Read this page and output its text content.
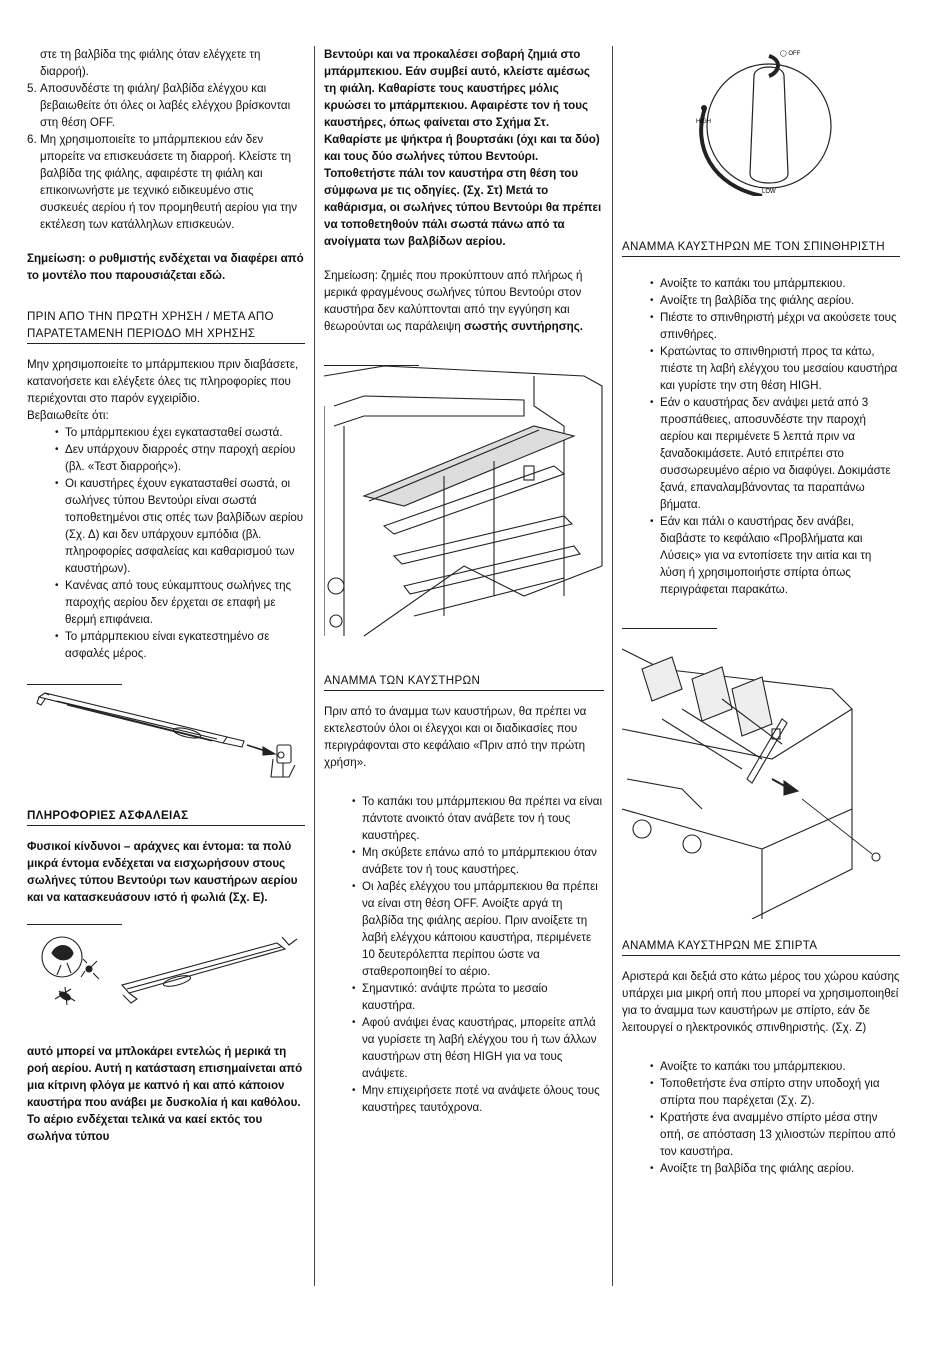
στε τη βαλβίδα της φιάλης όταν ελέγχετε τη διαρροή).
5. Αποσυνδέστε τη φιάλη/ βαλβίδα ελέγχου και βεβαιωθείτε ότι όλες οι λαβές ελέγχου βρίσκονται στη θέση OFF.
6. Μη χρησιμοποιείτε το μπάρμπεκιου εάν δεν μπορείτε να επισκευάσετε τη διαρροή. Κλείστε τη βαλβίδα της φιάλης, αφαιρέστε τη φιάλη και επικοινωνήστε με τεχνικό ειδικευμένο στις συσκευές αερίου ή τον προμηθευτή αερίου για την εκτέλεση των κατάλληλων επισκευών.

Σημείωση: ο ρυθμιστής ενδέχεται να διαφέρει από το μοντέλο που παρουσιάζεται εδώ.

ΠΡΙΝ ΑΠΟ ΤΗΝ ΠΡΩΤΗ ΧΡΗΣΗ / ΜΕΤΑ ΑΠΟ ΠΑΡΑΤΕΤΑΜΕΝΗ ΠΕΡΙΟΔΟ ΜΗ ΧΡΗΣΗΣ

Μην χρησιμοποιείτε το μπάρμπεκιου πριν διαβάσετε, κατανοήσετε και ελέγξετε όλες τις πληροφορίες που περιέχονται στο παρόν εγχειρίδιο.

Βεβαιωθείτε ότι:

• Το μπάρμπεκιου έχει εγκατασταθεί σωστά.
• Δεν υπάρχουν διαρροές στην παροχή αερίου (βλ. «Τεστ διαρροής»).
• Οι καυστήρες έχουν εγκατασταθεί σωστά, οι σωλήνες τύπου Βεντούρι είναι σωστά τοποθετημένοι στις οπές των βαλβίδων αερίου (Σχ. Δ) και δεν υπάρχουν εμπόδια (βλ. πληροφορίες ασφαλείας και καθαρισμού των καυστήρων).
• Κανένας από τους εύκαμπτους σωλήνες της παροχής αερίου δεν έρχεται σε επαφή με θερμή επιφάνεια.
• Το μπάρμπεκιου είναι εγκατεστημένο σε ασφαλές μέρος.

ΠΛΗΡΟΦΟΡΙΕΣ ΑΣΦΑΛΕΙΑΣ

Φυσικοί κίνδυνοι – αράχνες και έντομα: τα πολύ μικρά έντομα ενδέχεται να εισχωρήσουν στους σωλήνες τύπου Βεντούρι των καυστήρων αερίου και να κατασκευάσουν ιστό ή φωλιά (Σχ. Ε).

αυτό μπορεί να μπλοκάρει εντελώς ή μερικά τη ροή αερίου. Αυτή η κατάσταση επισημαίνεται από μια κίτρινη φλόγα με καπνό ή και από κάποιον καυστήρα που ανάβει με δυσκολία ή και καθόλου. Το αέριο ενδέχεται τελικά να καεί εκτός του σωλήνα τύπου

Βεντούρι και να προκαλέσει σοβαρή ζημιά στο μπάρμπεκιου. Εάν συμβεί αυτό, κλείστε αμέσως τη φιάλη. Καθαρίστε τους καυστήρες μόλις κρυώσει το μπάρμπεκιου. Αφαιρέστε τον ή τους καυστήρες, όπως φαίνεται στο Σχήμα Στ. Καθαρίστε με ψήκτρα ή βουρτσάκι (όχι και τα δύο) και τους δύο σωλήνες τύπου Βεντούρι. Τοποθετήστε πάλι τον καυστήρα στη θέση του σύμφωνα με τις οδηγίες. (Σχ. Στ) Μετά το καθάρισμα, οι σωλήνες τύπου Βεντούρι θα πρέπει να τοποθετηθούν πάλι σωστά πάνω από τα ανοίγματα των βαλβίδων αερίου.

Σημείωση: ζημιές που προκύπτουν από πλήρως ή μερικά φραγμένους σωλήνες τύπου Βεντούρι στον καυστήρα δεν καλύπτονται από την εγγύηση και θεωρούνται ως παράλειψη σωστής συντήρησης.

ΑΝΑΜΜΑ ΤΩΝ ΚΑΥΣΤΗΡΩΝ

Πριν από το άναμμα των καυστήρων, θα πρέπει να εκτελεστούν όλοι οι έλεγχοι και οι διαδικασίες που περιγράφονται στο κεφάλαιο «Πριν από την πρώτη χρήση».

• Το καπάκι του μπάρμπεκιου θα πρέπει να είναι πάντοτε ανοικτό όταν ανάβετε τον ή τους καυστήρες.
• Μη σκύβετε επάνω από το μπάρμπεκιου όταν ανάβετε τον ή τους καυστήρες.
• Οι λαβές ελέγχου του μπάρμπεκιου θα πρέπει να είναι στη θέση OFF. Ανοίξτε αργά τη βαλβίδα της φιάλης αερίου. Πριν ανοίξετε τη λαβή ελέγχου κάποιου καυστήρα, περιμένετε 10 δευτερόλεπτα περίπου ώστε να σταθεροποιηθεί το αέριο.
• Σημαντικό: ανάψτε πρώτα το μεσαίο καυστήρα.
• Αφού ανάψει ένας καυστήρας, μπορείτε απλά να γυρίσετε τη λαβή ελέγχου του ή των άλλων καυστήρων στη θέση HIGH για να τους ανάψετε.
• Μην επιχειρήσετε ποτέ να ανάψετε όλους τους καυστήρες ταυτόχρονα.
◯ OFF
HIGH
LOW

ΑΝΑΜΜΑ ΚΑΥΣΤΗΡΩΝ ΜΕ ΤΟΝ ΣΠΙΝΘΗΡΙΣΤΗ

• Ανοίξτε το καπάκι του μπάρμπεκιου.
• Ανοίξτε τη βαλβίδα της φιάλης αερίου.
• Πιέστε το σπινθηριστή μέχρι να ακούσετε τους σπινθήρες.
• Κρατώντας το σπινθηριστή προς τα κάτω, πιέστε τη λαβή ελέγχου του μεσαίου καυστήρα και γυρίστε την στη θέση HIGH.
• Εάν ο καυστήρας δεν ανάψει μετά από 3 προσπάθειες, αποσυνδέστε την παροχή αερίου και περιμένετε 5 λεπτά πριν να ξαναδοκιμάσετε. Αυτό επιτρέπει στο συσσωρευμένο αέριο να διαφύγει. Δοκιμάστε ξανά, επαναλαμβάνοντας τα παραπάνω βήματα.
• Εάν και πάλι ο καυστήρας δεν ανάβει, διαβάστε το κεφάλαιο «Προβλήματα και Λύσεις» για να εντοπίσετε την αιτία και τη λύση ή χρησιμοποιήστε σπίρτα όπως περιγράφεται παρακάτω.

ΑΝΑΜΜΑ ΚΑΥΣΤΗΡΩΝ ΜΕ ΣΠΙΡΤΑ

Αριστερά και δεξιά στο κάτω μέρος του χώρου καύσης υπάρχει μια μικρή οπή που μπορεί να χρησιμοποιηθεί για το άναμμα των καυστήρων με σπίρτο, εάν δε λειτουργεί ο ηλεκτρονικός σπινθηριστής. (Σχ. Ζ)

• Ανοίξτε το καπάκι του μπάρμπεκιου.
• Τοποθετήστε ένα σπίρτο στην υποδοχή για σπίρτα που παρέχεται (Σχ. Ζ).
• Κρατήστε ένα αναμμένο σπίρτο μέσα στην οπή, σε απόσταση 13 χιλιοστών περίπου από τον καυστήρα.
• Ανοίξτε τη βαλβίδα της φιάλης αερίου.
